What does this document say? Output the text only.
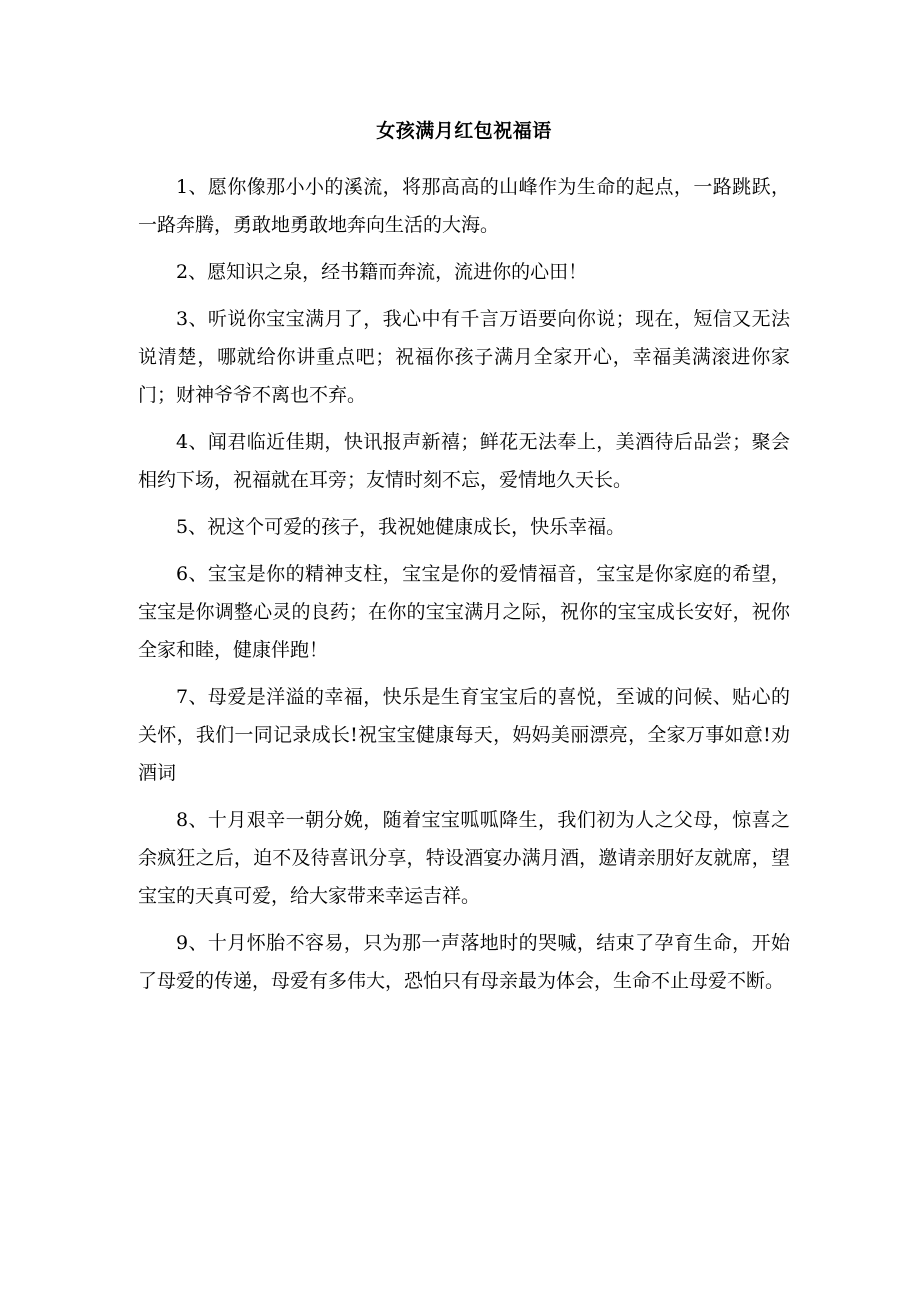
女孩满月红包祝福语

1、愿你像那小小的溪流，将那高高的山峰作为生命的起点，一路跳跃，一路奔腾，勇敢地勇敢地奔向生活的大海。

2、愿知识之泉，经书籍而奔流，流进你的心田！

3、听说你宝宝满月了，我心中有千言万语要向你说；现在，短信又无法说清楚，哪就给你讲重点吧；祝福你孩子满月全家开心，幸福美满滚进你家门；财神爷爷不离也不弃。

4、闻君临近佳期，快讯报声新禧；鲜花无法奉上，美酒待后品尝；聚会相约下场，祝福就在耳旁；友情时刻不忘，爱情地久天长。

5、祝这个可爱的孩子，我祝她健康成长，快乐幸福。

6、宝宝是你的精神支柱，宝宝是你的爱情福音，宝宝是你家庭的希望，宝宝是你调整心灵的良药；在你的宝宝满月之际，祝你的宝宝成长安好，祝你全家和睦，健康伴跑！

7、母爱是洋溢的幸福，快乐是生育宝宝后的喜悦，至诚的问候、贴心的关怀，我们一同记录成长!祝宝宝健康每天，妈妈美丽漂亮，全家万事如意!劝酒词

8、十月艰辛一朝分娩，随着宝宝呱呱降生，我们初为人之父母，惊喜之余疯狂之后，迫不及待喜讯分享，特设酒宴办满月酒，邀请亲朋好友就席，望宝宝的天真可爱，给大家带来幸运吉祥。

9、十月怀胎不容易，只为那一声落地时的哭喊，结束了孕育生命，开始了母爱的传递，母爱有多伟大，恐怕只有母亲最为体会，生命不止母爱不断。
